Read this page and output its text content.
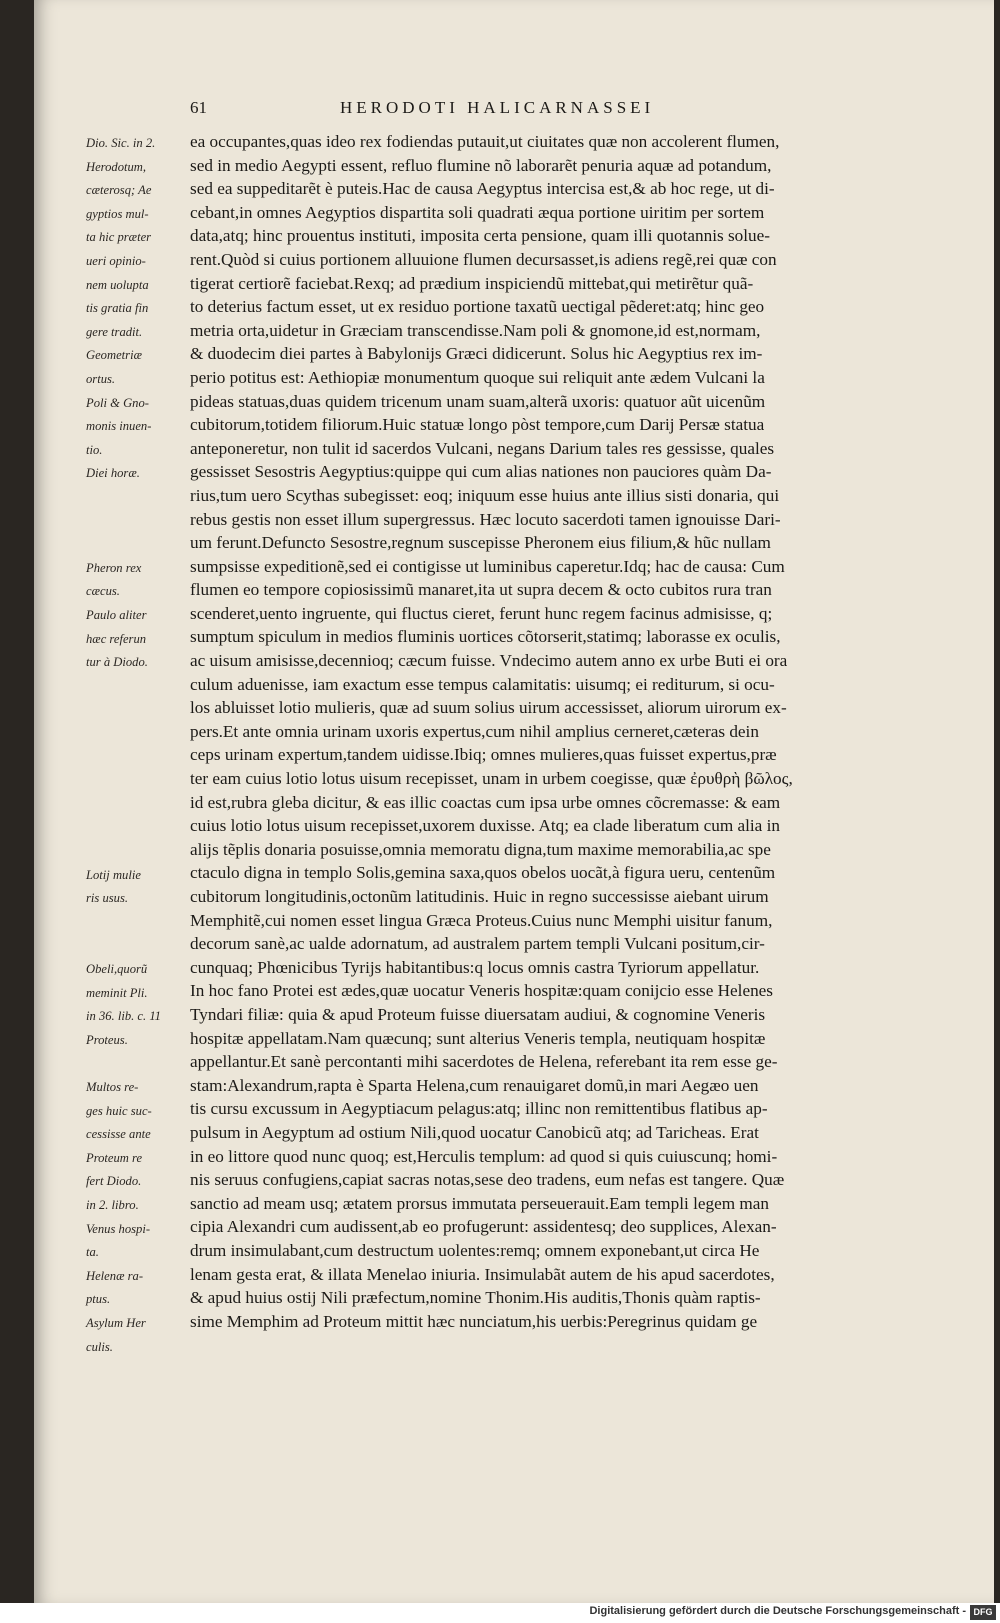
61	HERODOTI HALICARNASSEI
Dio. Sic. in 2.
Herodotum,
cæterosq; Ae
gyptios mul-
ta hic præter
ueri opinio-
nem uolupta
tis gratia fin
gere tradit.
Geometriæ
ortus.
Poli & Gno-
monis inuen-
tio.
Diei horæ.
Pheron rex
cæcus.
Paulo aliter
hæc referun
tur à Diodo.
Lotij mulie
ris usus.
Obeli,quorũ
meminit Pli.
in 36. lib. c. 11
Proteus.
Multos re-
ges huic suc-
cessisse ante
Proteum re
fert Diodo.
in 2. libro.
Venus hospi-
ta.
Helenæ ra-
ptus.
Asylum Her
culis.
ea occupantes,quas ideo rex fodiendas putauit,ut ciuitates quæ non accolerent flumen,
sed in medio Aegypti essent, refluo flumine nõ laborarẽt penuria aquæ ad potandum,
sed ea suppeditarẽt è puteis.Hac de causa Aegyptus intercisa est,& ab hoc rege, ut di-
cebant,in omnes Aegyptios dispartita soli quadrati æqua portione uiritim per sortem
data,atq; hinc prouentus instituti, imposita certa pensione, quam illi quotannis solue-
rent.Quòd si cuius portionem alluuione flumen decursasset,is adiens regẽ,rei quæ con
tigerat certiorẽ faciebat.Rexq; ad prædium inspiciendũ mittebat,qui metirẽtur quã-
to deterius factum esset, ut ex residuo portione taxatũ uectigal pẽderet:atq; hinc geo
metria orta,uidetur in Græciam transcendisse.Nam poli & gnomone,id est,normam,
& duodecim diei partes à Babylonijs Græci didicerunt. Solus hic Aegyptius rex im-
perio potitus est: Aethiopiæ monumentum quoque sui reliquit ante ædem Vulcani la
pideas statuas,duas quidem tricenum unam suam,alterã uxoris: quatuor aũt uicenũm
cubitorum,totidem filiorum.Huic statuæ longo pòst tempore,cum Darij Persæ statua
anteponeretur, non tulit id sacerdos Vulcani, negans Darium tales res gessisse, quales
gessisset Sesostris Aegyptius:quippe qui cum alias nationes non pauciores quàm Da-
rius,tum uero Scythas subegisset: eoq; iniquum esse huius ante illius sisti donaria, qui
rebus gestis non esset illum supergressus. Hæc locuto sacerdoti tamen ignouisse Dari-
um ferunt.Defuncto Sesostre,regnum suscepisse Pheronem eius filium,& hũc nullam
sumpsisse expeditionẽ,sed ei contigisse ut luminibus caperetur.Idq; hac de causa: Cum
flumen eo tempore copiosissimũ manaret,ita ut supra decem & octo cubitos rura tran
scenderet,uento ingruente, qui fluctus cieret, ferunt hunc regem facinus admisisse, q;
sumptum spiculum in medios fluminis uortices cõtorserit,statimq; laborasse ex oculis,
ac uisum amisisse,decennioq; cæcum fuisse. Vndecimo autem anno ex urbe Buti ei ora
culum aduenisse, iam exactum esse tempus calamitatis: uisumq; ei rediturum, si ocu-
los abluisset lotio mulieris, quæ ad suum solius uirum accessisset, aliorum uirorum ex-
pers.Et ante omnia urinam uxoris expertus,cum nihil amplius cerneret,cæteras dein
ceps urinam expertum,tandem uidisse.Ibiq; omnes mulieres,quas fuisset expertus,præ
ter eam cuius lotio lotus uisum recepisset, unam in urbem coegisse, quæ ἐρυθρὴ βῶλος,
id est,rubra gleba dicitur, & eas illic coactas cum ipsa urbe omnes cõcremasse: & eam
cuius lotio lotus uisum recepisset,uxorem duxisse. Atq; ea clade liberatum cum alia in
alijs tẽplis donaria posuisse,omnia memoratu digna,tum maxime memorabilia,ac spe
ctaculo digna in templo Solis,gemina saxa,quos obelos uocãt,à figura ueru, centenũm
cubitorum longitudinis,octonũm latitudinis. Huic in regno successisse aiebant uirum
Memphitẽ,cui nomen esset lingua Græca Proteus.Cuius nunc Memphi uisitur fanum,
decorum sanè,ac ualde adornatum, ad australem partem templi Vulcani positum,cir-
cunquaq; Phœnicibus Tyrijs habitantibus:q locus omnis castra Tyriorum appellatur.
In hoc fano Protei est ædes,quæ uocatur Veneris hospitæ:quam conijcio esse Helenes
Tyndari filiæ: quia & apud Proteum fuisse diuersatam audiui, & cognomine Veneris
hospitæ appellatam.Nam quæcunq; sunt alterius Veneris templa, neutiquam hospitæ
appellantur.Et sanè percontanti mihi sacerdotes de Helena, referebant ita rem esse ge-
stam:Alexandrum,rapta è Sparta Helena,cum renauigaret domũ,in mari Aegæo uen
tis cursu excussum in Aegyptiacum pelagus:atq; illinc non remittentibus flatibus ap-
pulsum in Aegyptum ad ostium Nili,quod uocatur Canobicũ atq; ad Taricheas. Erat
in eo littore quod nunc quoq; est,Herculis templum: ad quod si quis cuiuscunq; homi-
nis seruus confugiens,capiat sacras notas,sese deo tradens, eum nefas est tangere. Quæ
sanctio ad meam usq; ætatem prorsus immutata perseuerauit.Eam templi legem man
cipia Alexandri cum audissent,ab eo profugerunt: assidentesq; deo supplices, Alexan-
drum insimulabant,cum destructum uolentes:remq; omnem exponebant,ut circa He
lenam gesta erat, & illata Menelao iniuria. Insimulabãt autem de his apud sacerdotes,
& apud huius ostij Nili præfectum,nomine Thonim.His auditis,Thonis quàm raptis-
sime Memphim ad Proteum mittit hæc nunciatum,his uerbis:Peregrinus quidam ge
Digitalisierung gefördert durch die Deutsche Forschungsgemeinschaft - DFG
